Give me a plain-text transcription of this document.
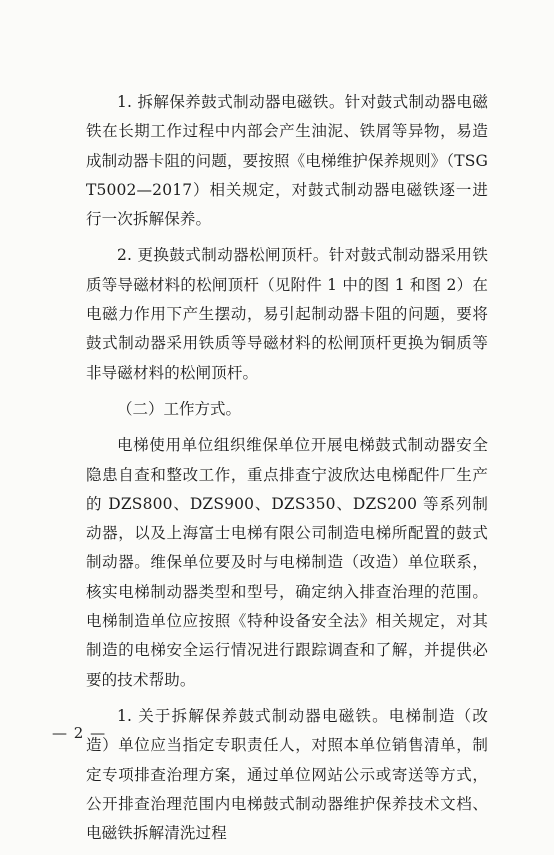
1. 拆解保养鼓式制动器电磁铁。针对鼓式制动器电磁铁在长期工作过程中内部会产生油泥、铁屑等异物，易造成制动器卡阻的问题，要按照《电梯维护保养规则》（TSG T5002—2017）相关规定，对鼓式制动器电磁铁逐一进行一次拆解保养。

2. 更换鼓式制动器松闸顶杆。针对鼓式制动器采用铁质等导磁材料的松闸顶杆（见附件 1 中的图 1 和图 2）在电磁力作用下产生摆动，易引起制动器卡阻的问题，要将鼓式制动器采用铁质等导磁材料的松闸顶杆更换为铜质等非导磁材料的松闸顶杆。

（二）工作方式。

电梯使用单位组织维保单位开展电梯鼓式制动器安全隐患自查和整改工作，重点排查宁波欣达电梯配件厂生产的 DZS800、DZS900、DZS350、DZS200 等系列制动器，以及上海富士电梯有限公司制造电梯所配置的鼓式制动器。维保单位要及时与电梯制造（改造）单位联系，核实电梯制动器类型和型号，确定纳入排查治理的范围。电梯制造单位应按照《特种设备安全法》相关规定，对其制造的电梯安全运行情况进行跟踪调查和了解，并提供必要的技术帮助。

1. 关于拆解保养鼓式制动器电磁铁。电梯制造（改造）单位应当指定专职责任人，对照本单位销售清单，制定专项排查治理方案，通过单位网站公示或寄送等方式，公开排查治理范围内电梯鼓式制动器维护保养技术文档、电磁铁拆解清洗过程

— 2 —
